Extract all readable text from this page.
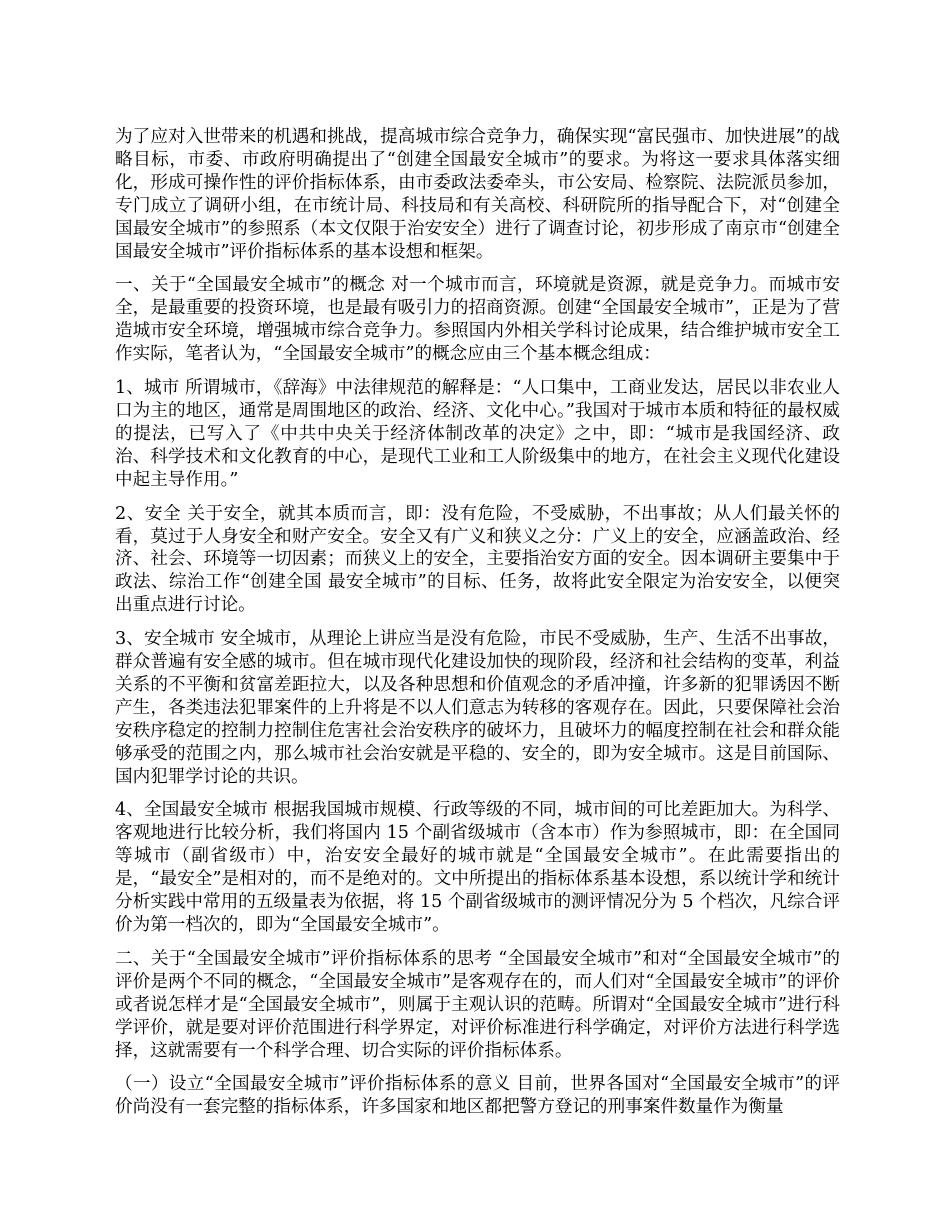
为了应对入世带来的机遇和挑战，提高城市综合竞争力，确保实现“富民强市、加快进展”的战略目标，市委、市政府明确提出了“创建全国最安全城市”的要求。为将这一要求具体落实细化，形成可操作性的评价指标体系，由市委政法委牵头，市公安局、检察院、法院派员参加，专门成立了调研小组，在市统计局、科技局和有关高校、科研院所的指导配合下，对“创建全国最安全城市”的参照系（本文仅限于治安安全）进行了调查讨论，初步形成了南京市“创建全国最安全城市”评价指标体系的基本设想和框架。

一、关于“全国最安全城市”的概念 对一个城市而言，环境就是资源，就是竞争力。而城市安全，是最重要的投资环境，也是最有吸引力的招商资源。创建“全国最安全城市”，正是为了营造城市安全环境，增强城市综合竞争力。参照国内外相关学科讨论成果，结合维护城市安全工作实际，笔者认为，“全国最安全城市”的概念应由三个基本概念组成：

1、城市 所谓城市，《辞海》中法律规范的解释是：“人口集中，工商业发达，居民以非农业人口为主的地区，通常是周围地区的政治、经济、文化中心。”我国对于城市本质和特征的最权威的提法，已写入了《中共中央关于经济体制改革的决定》之中，即：“城市是我国经济、政治、科学技术和文化教育的中心，是现代工业和工人阶级集中的地方，在社会主义现代化建设中起主导作用。”

2、安全 关于安全，就其本质而言，即：没有危险，不受威胁，不出事故；从人们最关怀的看，莫过于人身安全和财产安全。安全又有广义和狭义之分：广义上的安全，应涵盖政治、经济、社会、环境等一切因素；而狭义上的安全，主要指治安方面的安全。因本调研主要集中于政法、综治工作“创建全国 最安全城市”的目标、任务，故将此安全限定为治安安全，以便突出重点进行讨论。

3、安全城市 安全城市，从理论上讲应当是没有危险，市民不受威胁，生产、生活不出事故，群众普遍有安全感的城市。但在城市现代化建设加快的现阶段，经济和社会结构的变革，利益关系的不平衡和贫富差距拉大，以及各种思想和价值观念的矛盾冲撞，许多新的犯罪诱因不断产生，各类违法犯罪案件的上升将是不以人们意志为转移的客观存在。因此，只要保障社会治安秩序稳定的控制力控制住危害社会治安秩序的破坏力，且破坏力的幅度控制在社会和群众能够承受的范围之内，那么城市社会治安就是平稳的、安全的，即为安全城市。这是目前国际、国内犯罪学讨论的共识。

4、全国最安全城市 根据我国城市规模、行政等级的不同，城市间的可比差距加大。为科学、客观地进行比较分析，我们将国内 15 个副省级城市（含本市）作为参照城市，即：在全国同等城市（副省级市）中，治安安全最好的城市就是“全国最安全城市”。在此需要指出的是，“最安全”是相对的，而不是绝对的。文中所提出的指标体系基本设想，系以统计学和统计分析实践中常用的五级量表为依据，将 15 个副省级城市的测评情况分为 5 个档次，凡综合评价为第一档次的，即为“全国最安全城市”。

二、关于“全国最安全城市”评价指标体系的思考 “全国最安全城市”和对“全国最安全城市”的评价是两个不同的概念，“全国最安全城市”是客观存在的，而人们对“全国最安全城市”的评价或者说怎样才是“全国最安全城市”，则属于主观认识的范畴。所谓对“全国最安全城市”进行科学评价，就是要对评价范围进行科学界定，对评价标准进行科学确定，对评价方法进行科学选择，这就需要有一个科学合理、切合实际的评价指标体系。

（一）设立“全国最安全城市”评价指标体系的意义 目前，世界各国对“全国最安全城市”的评价尚没有一套完整的指标体系，许多国家和地区都把警方登记的刑事案件数量作为衡量
